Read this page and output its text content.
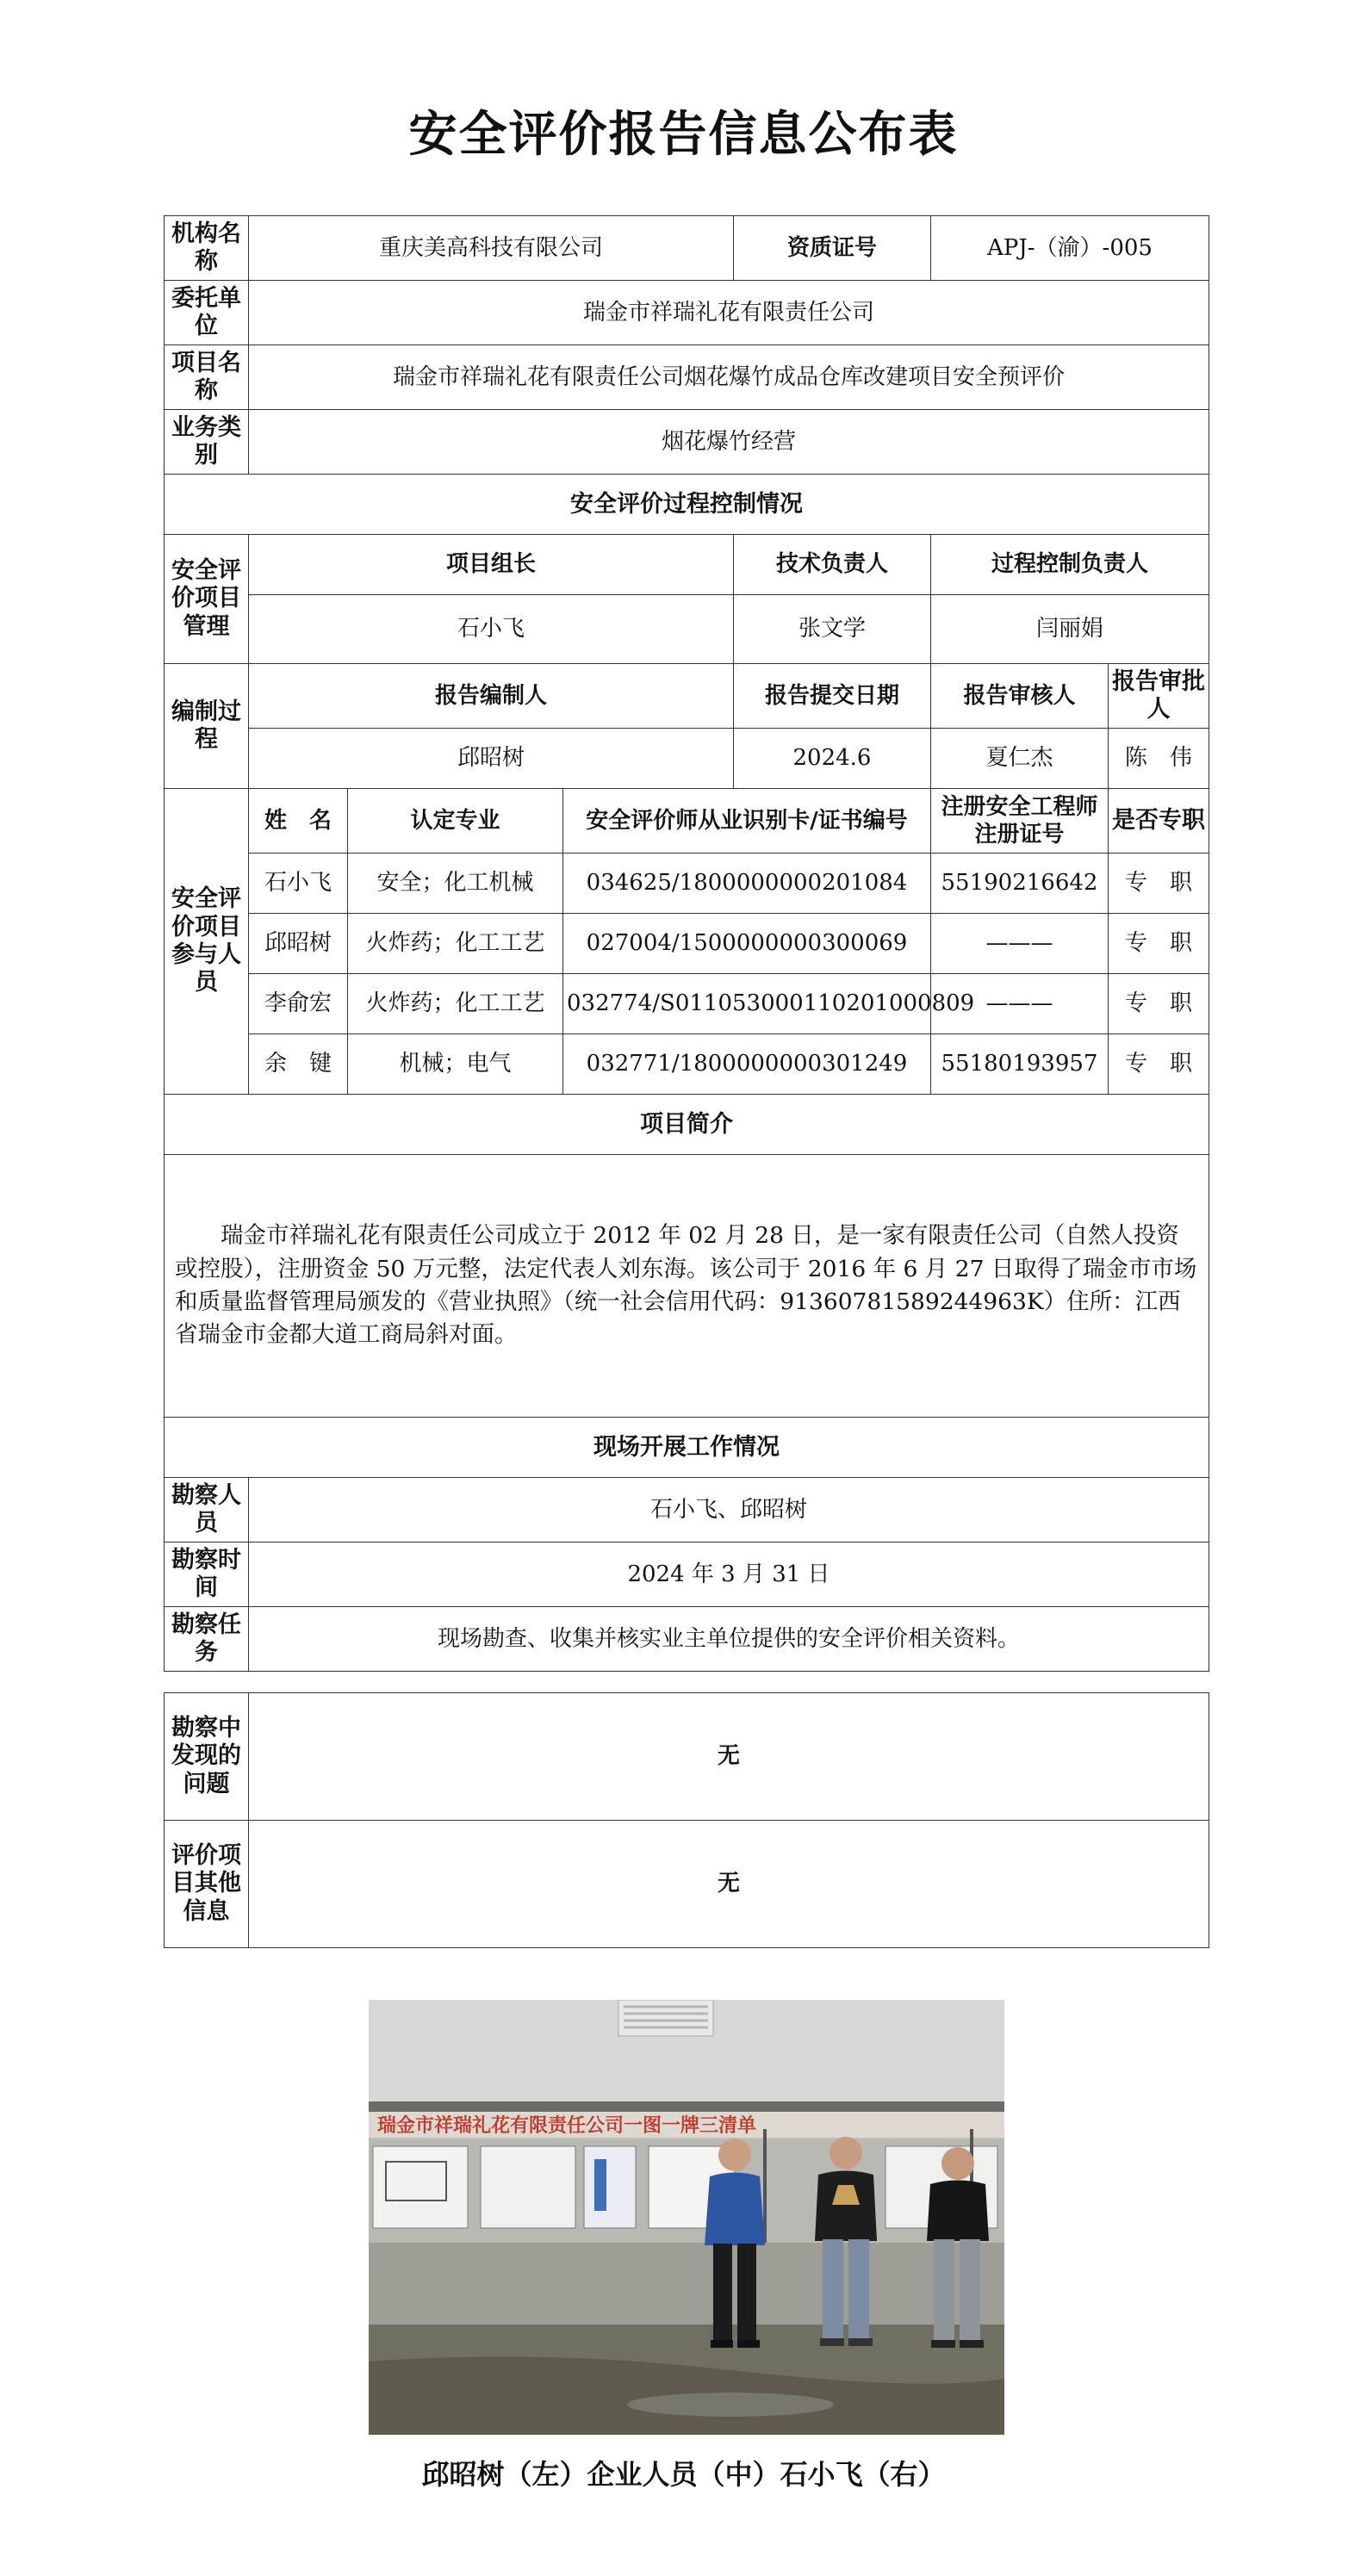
安全评价报告信息公布表
机构名称	重庆美高科技有限公司			资质证号	APJ-（渝）-005	
委托单位	瑞金市祥瑞礼花有限责任公司					
项目名称	瑞金市祥瑞礼花有限责任公司烟花爆竹成品仓库改建项目安全预评价					
业务类别	烟花爆竹经营					
安全评价过程控制情况						
安全评价项目管理	项目组长			技术负责人	过程控制负责人	
	石小飞			张文学	闫丽娟	
编制过程	报告编制人			报告提交日期	报告审核人	报告审批人
	邱昭树			2024.6	夏仁杰	陈　伟
安全评价项目参与人员	姓　名	认定专业	安全评价师从业识别卡/证书编号		注册安全工程师注册证号	是否专职
	石小飞	安全；化工机械	034625/1800000000201084		55190216642	专　职
	邱昭树	火炸药；化工工艺	027004/1500000000300069		———	专　职
	李俞宏	火炸药；化工工艺	032774/S011053000110201000809		———	专　职
	余　键	机械；电气	032771/1800000000301249		55180193957	专　职
项目简介						

瑞金市祥瑞礼花有限责任公司成立于 2012 年 02 月 28 日，是一家有限责任公司（自然人投资或控股），注册资金 50 万元整，法定代表人刘东海。该公司于 2016 年 6 月 27 日取得了瑞金市市场和质量监督管理局颁发的《营业执照》（统一社会信用代码：91360781589244963K）住所：江西省瑞金市金都大道工商局斜对面。						

现场开展工作情况						
勘察人员	石小飞、邱昭树					
勘察时间	2024 年 3 月 31 日					
勘察任务	现场勘查、收集并核实业主单位提供的安全评价相关资料。					
勘察中发现的问题	无
评价项目其他信息	无
瑞金市祥瑞礼花有限责任公司一图一牌三清单
邱昭树（左）企业人员（中）石小飞（右）
